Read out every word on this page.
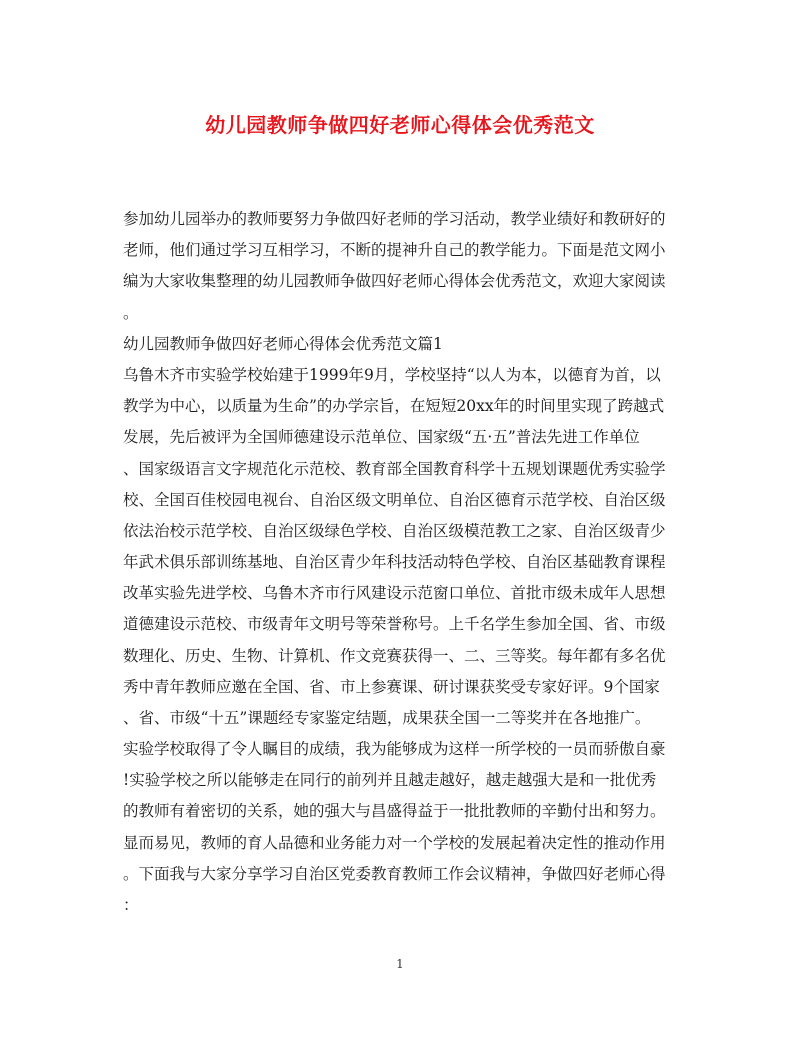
幼儿园教师争做四好老师心得体会优秀范文
参加幼儿园举办的教师要努力争做四好老师的学习活动，教学业绩好和教研好的
老师，他们通过学习互相学习，不断的提神升自己的教学能力。下面是范文网小
编为大家收集整理的幼儿园教师争做四好老师心得体会优秀范文，欢迎大家阅读
。
幼儿园教师争做四好老师心得体会优秀范文篇1
乌鲁木齐市实验学校始建于1999年9月，学校坚持“以人为本，以德育为首，以
教学为中心，以质量为生命”的办学宗旨，在短短20xx年的时间里实现了跨越式
发展，先后被评为全国师德建设示范单位、国家级“五·五”普法先进工作单位
、国家级语言文字规范化示范校、教育部全国教育科学十五规划课题优秀实验学
校、全国百佳校园电视台、自治区级文明单位、自治区德育示范学校、自治区级
依法治校示范学校、自治区级绿色学校、自治区级模范教工之家、自治区级青少
年武术俱乐部训练基地、自治区青少年科技活动特色学校、自治区基础教育课程
改革实验先进学校、乌鲁木齐市行风建设示范窗口单位、首批市级未成年人思想
道德建设示范校、市级青年文明号等荣誉称号。上千名学生参加全国、省、市级
数理化、历史、生物、计算机、作文竞赛获得一、二、三等奖。每年都有多名优
秀中青年教师应邀在全国、省、市上参赛课、研讨课获奖受专家好评。9个国家
、省、市级“十五”课题经专家鉴定结题，成果获全国一二等奖并在各地推广。
实验学校取得了令人瞩目的成绩，我为能够成为这样一所学校的一员而骄傲自豪
!实验学校之所以能够走在同行的前列并且越走越好，越走越强大是和一批优秀
的教师有着密切的关系，她的强大与昌盛得益于一批批教师的辛勤付出和努力。
显而易见，教师的育人品德和业务能力对一个学校的发展起着决定性的推动作用
。下面我与大家分享学习自治区党委教育教师工作会议精神，争做四好老师心得
：
1
